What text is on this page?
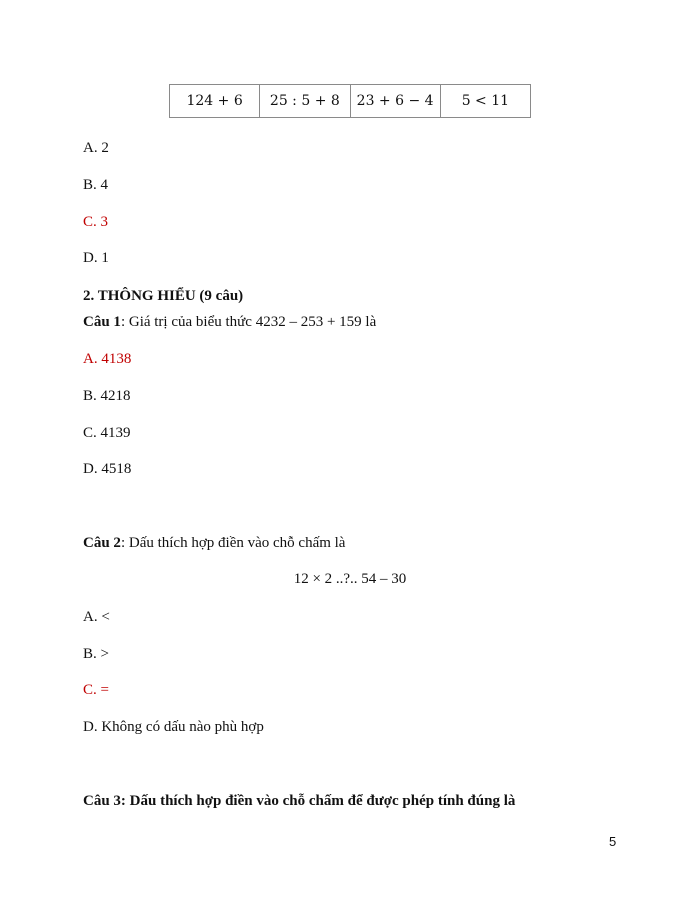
124 + 6	25 : 5 + 8	23 + 6 − 4	5 < 11
A. 2
B. 4
C. 3
D. 1
2. THÔNG HIỂU (9 câu)
Câu 1: Giá trị của biểu thức 4232 – 253 + 159 là
A. 4138
B. 4218
C. 4139
D. 4518
Câu 2: Dấu thích hợp điền vào chỗ chấm là
12 × 2 ..?.. 54 – 30
A. <
B. >
C. =
D. Không có dấu nào phù hợp
Câu 3: Dấu thích hợp điền vào chỗ chấm để được phép tính đúng là
5
